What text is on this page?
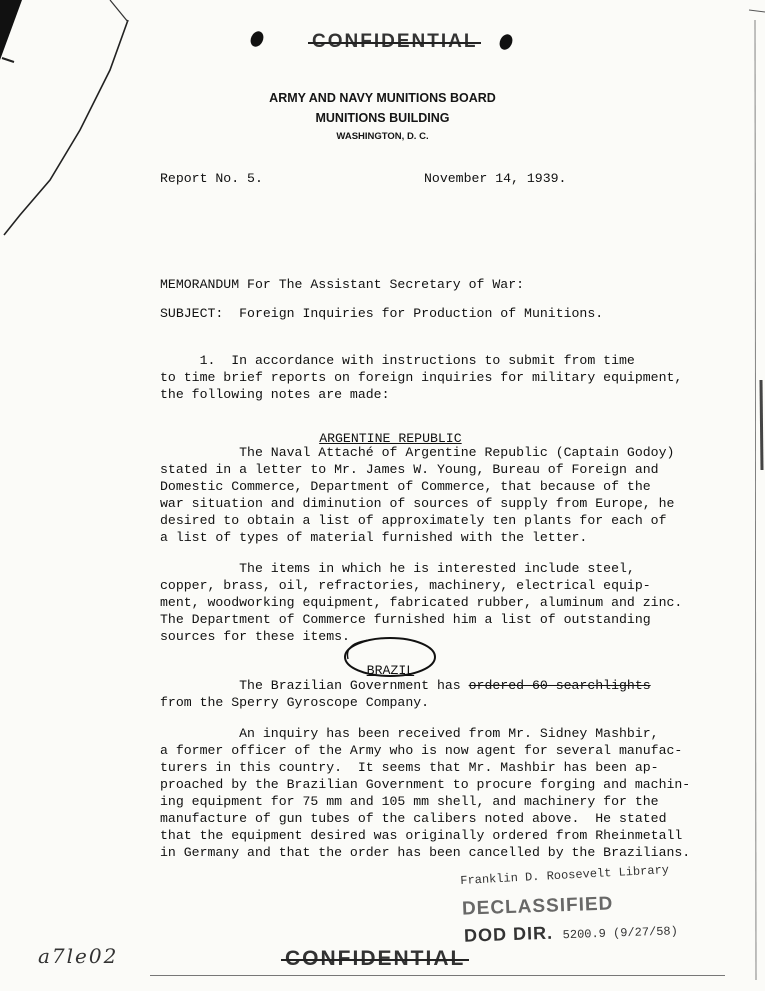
ARMY AND NAVY MUNITIONS BOARD
MUNITIONS BUILDING
WASHINGTON, D. C.
Report No. 5.	November 14, 1939.
MEMORANDUM For The Assistant Secretary of War:
SUBJECT:  Foreign Inquiries for Production of Munitions.
1.  In accordance with instructions to submit from time
to time brief reports on foreign inquiries for military equipment,
the following notes are made:

ARGENTINE REPUBLIC

The Naval Attaché of Argentine Republic (Captain Godoy)
stated in a letter to Mr. James W. Young, Bureau of Foreign and
Domestic Commerce, Department of Commerce, that because of the
war situation and diminution of sources of supply from Europe, he
desired to obtain a list of approximately ten plants for each of
a list of types of material furnished with the letter.
The items in which he is interested include steel,
copper, brass, oil, refractories, machinery, electrical equip-
ment, woodworking equipment, fabricated rubber, aluminum and zinc.
The Department of Commerce furnished him a list of outstanding
sources for these items.

BRAZIL

The Brazilian Government has ordered 60 searchlights
from the Sperry Gyroscope Company.
An inquiry has been received from Mr. Sidney Mashbir,
a former officer of the Army who is now agent for several manufac-
turers in this country.  It seems that Mr. Mashbir has been ap-
proached by the Brazilian Government to procure forging and machin-
ing equipment for 75 mm and 105 mm shell, and machinery for the
manufacture of gun tubes of the calibers noted above.  He stated
that the equipment desired was originally ordered from Rheinmetall
in Germany and that the order has been cancelled by the Brazilians.
Franklin D. Roosevelt Library
DECLASSIFIED
DOD DIR. 5200.9 (9/27/58)
a7le02
